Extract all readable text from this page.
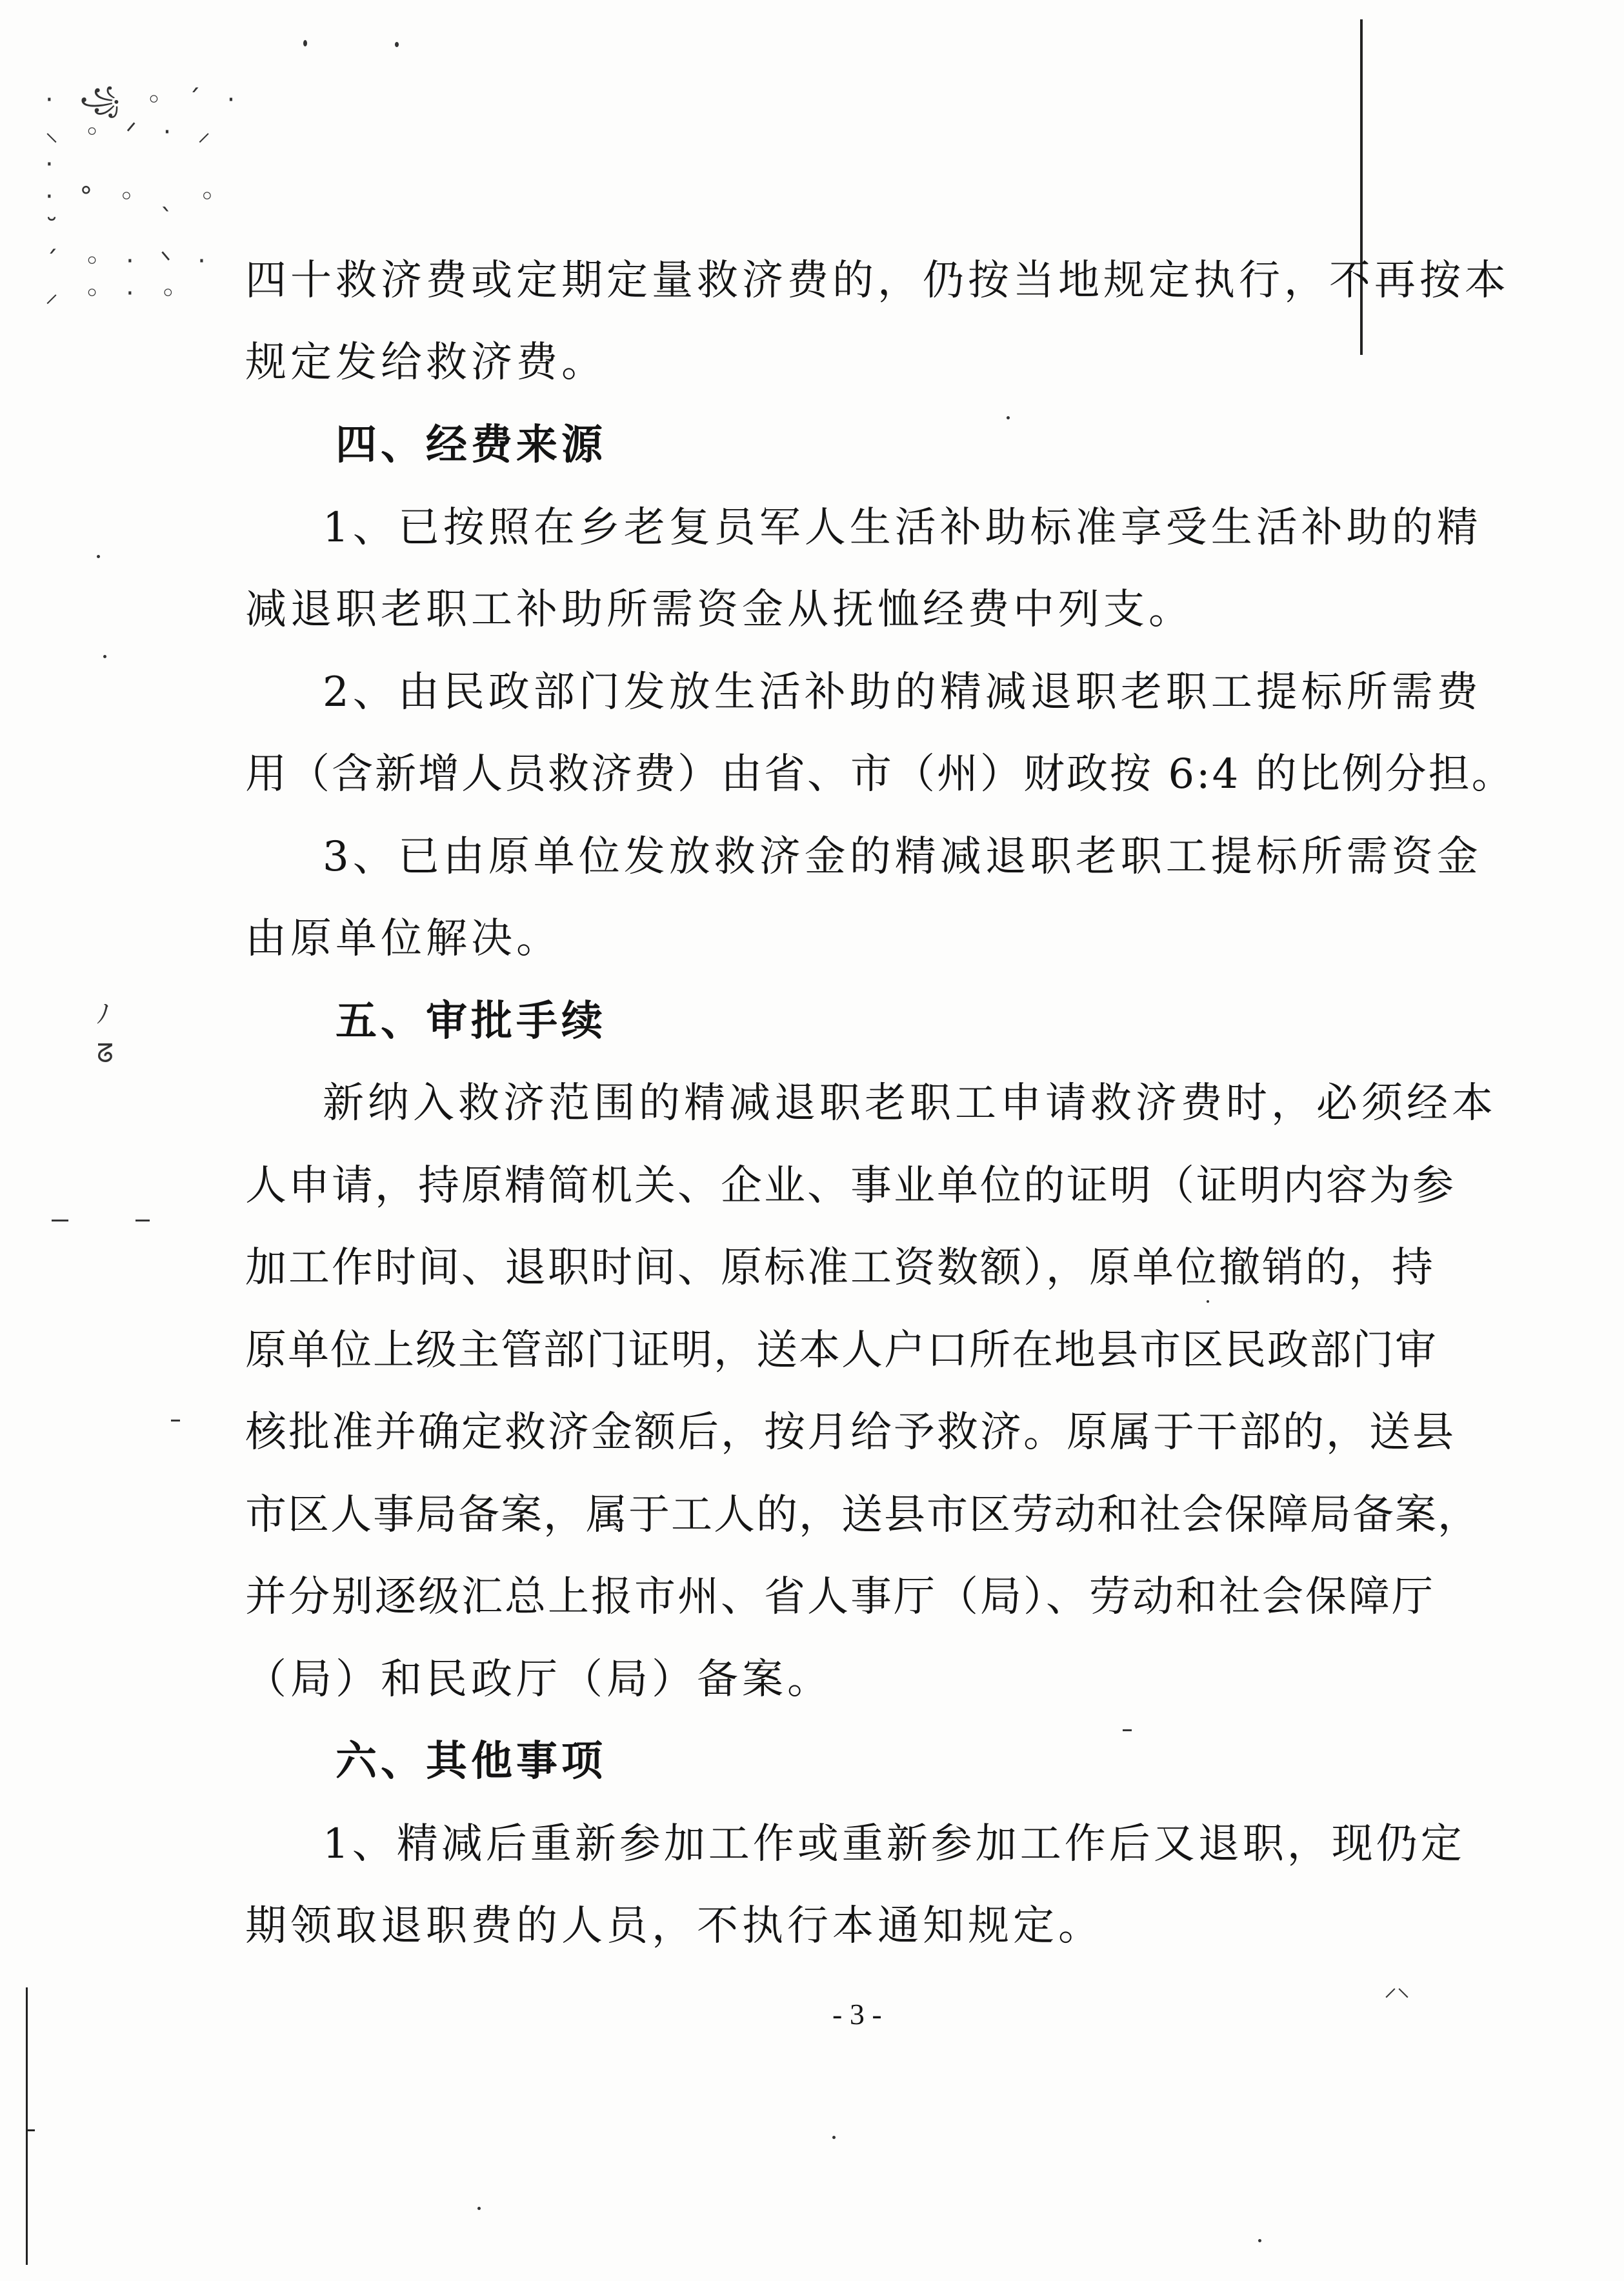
· ꧁ ◦ ´ ·
⸜ ◦ ᐟ · ⸝ ·
· ° ◦ ˎ ◦ ˘
ˊ ◦ · ᐠ ·
⸝ ◦ · ◦
ﾉ
ᘔ
⸝⸜
四十救济费或定期定量救济费的，仍按当地规定执行，不再按本
规定发给救济费。
四、经费来源
1、已按照在乡老复员军人生活补助标准享受生活补助的精
减退职老职工补助所需资金从抚恤经费中列支。
2、由民政部门发放生活补助的精减退职老职工提标所需费
用（含新增人员救济费）由省、市（州）财政按 6:4 的比例分担。
3、已由原单位发放救济金的精减退职老职工提标所需资金
由原单位解决。
五、审批手续
新纳入救济范围的精减退职老职工申请救济费时，必须经本
人申请，持原精简机关、企业、事业单位的证明（证明内容为参
加工作时间、退职时间、原标准工资数额），原单位撤销的，持
原单位上级主管部门证明，送本人户口所在地县市区民政部门审
核批准并确定救济金额后，按月给予救济。原属于干部的，送县
市区人事局备案，属于工人的，送县市区劳动和社会保障局备案，
并分别逐级汇总上报市州、省人事厅（局）、劳动和社会保障厅
（局）和民政厅（局）备案。
六、其他事项
1、精减后重新参加工作或重新参加工作后又退职，现仍定
期领取退职费的人员，不执行本通知规定。
- 3 -
